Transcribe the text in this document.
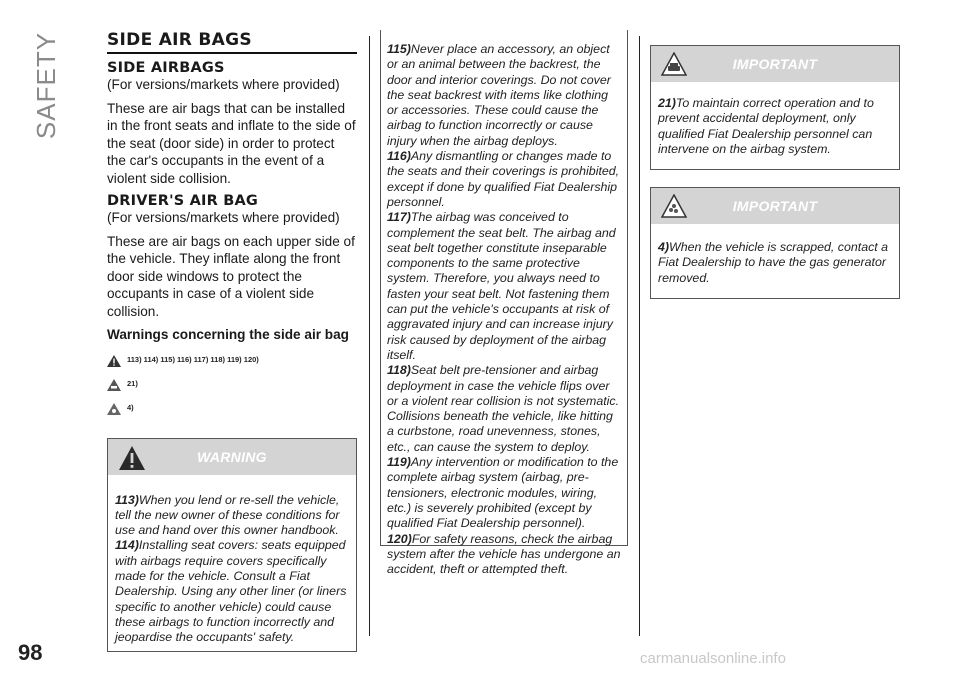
SAFETY
98	carmanualsonline.info
SIDE AIR BAGS
SIDE AIRBAGS

(For versions/markets where provided)

These are air bags that can be installed in the front seats and inflate to the side of the seat (door side) in order to protect the car's occupants in the event of a violent side collision.

DRIVER'S AIR BAG

(For versions/markets where provided)

These are air bags on each upper side of the vehicle. They inflate along the front door side windows to protect the occupants in case of a violent side collision.

Warnings concerning the side air bag
113) 114) 115) 116) 117) 118) 119) 120)
21)
4)
WARNING
113)When you lend or re-sell the vehicle, tell the new owner of these conditions for use and hand over this owner handbook.
114)Installing seat covers: seats equipped with airbags require covers specifically made for the vehicle. Consult a Fiat Dealership. Using any other liner (or liners specific to another vehicle) could cause these airbags to function incorrectly and jeopardise the occupants' safety.
115)Never place an accessory, an object or an animal between the backrest, the door and interior coverings. Do not cover the seat backrest with items like clothing or accessories. These could cause the airbag to function incorrectly or cause injury when the airbag deploys.
116)Any dismantling or changes made to the seats and their coverings is prohibited, except if done by qualified Fiat Dealership personnel.
117)The airbag was conceived to complement the seat belt. The airbag and seat belt together constitute inseparable components to the same protective system. Therefore, you always need to fasten your seat belt. Not fastening them can put the vehicle's occupants at risk of aggravated injury and can increase injury risk caused by deployment of the airbag itself.
118)Seat belt pre-tensioner and airbag deployment in case the vehicle flips over or a violent rear collision is not systematic. Collisions beneath the vehicle, like hitting a curbstone, road unevenness, stones, etc., can cause the system to deploy.
119)Any intervention or modification to the complete airbag system (airbag, pre-tensioners, electronic modules, wiring, etc.) is severely prohibited (except by qualified Fiat Dealership personnel).
120)For safety reasons, check the airbag system after the vehicle has undergone an accident, theft or attempted theft.
IMPORTANT
21)To maintain correct operation and to prevent accidental deployment, only qualified Fiat Dealership personnel can intervene on the airbag system.
IMPORTANT
4)When the vehicle is scrapped, contact a Fiat Dealership to have the gas generator removed.
